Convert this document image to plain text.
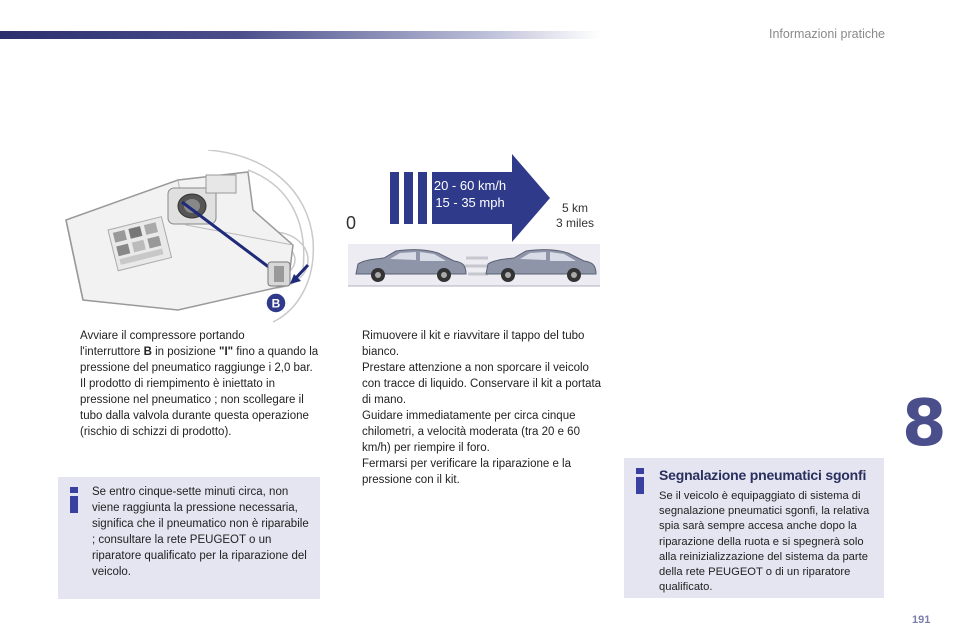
Informazioni pratiche
B
20 - 60 km/h
15 - 35 mph
0
5 km
3 miles

Avviare il compressore portando
l'interruttore B in posizione "I" fino a quando la pressione del pneumatico raggiunge i 2,0 bar.

Il prodotto di riempimento è iniettato in pressione nel pneumatico ; non scollegare il tubo dalla valvola durante questa operazione (rischio di schizzi di prodotto).

Se entro cinque-sette minuti circa, non viene raggiunta la pressione necessaria, significa che il pneumatico non è riparabile ; consultare la rete PEUGEOT o un riparatore qualificato per la riparazione del veicolo.

Rimuovere il kit e riavvitare il tappo del tubo bianco.

Prestare attenzione a non sporcare il veicolo con tracce di liquido. Conservare il kit a portata di mano.

Guidare immediatamente per circa cinque chilometri, a velocità moderata (tra 20 e 60 km/h) per riempire il foro.

Fermarsi per verificare la riparazione e la pressione con il kit.

8
Segnalazione pneumatici sgonfi
Se il veicolo è equipaggiato di sistema di segnalazione pneumatici sgonfi, la relativa spia sarà sempre accesa anche dopo la riparazione della ruota e si spegnerà solo alla reinizializzazione del sistema da parte della rete PEUGEOT o di un riparatore qualificato.
191
